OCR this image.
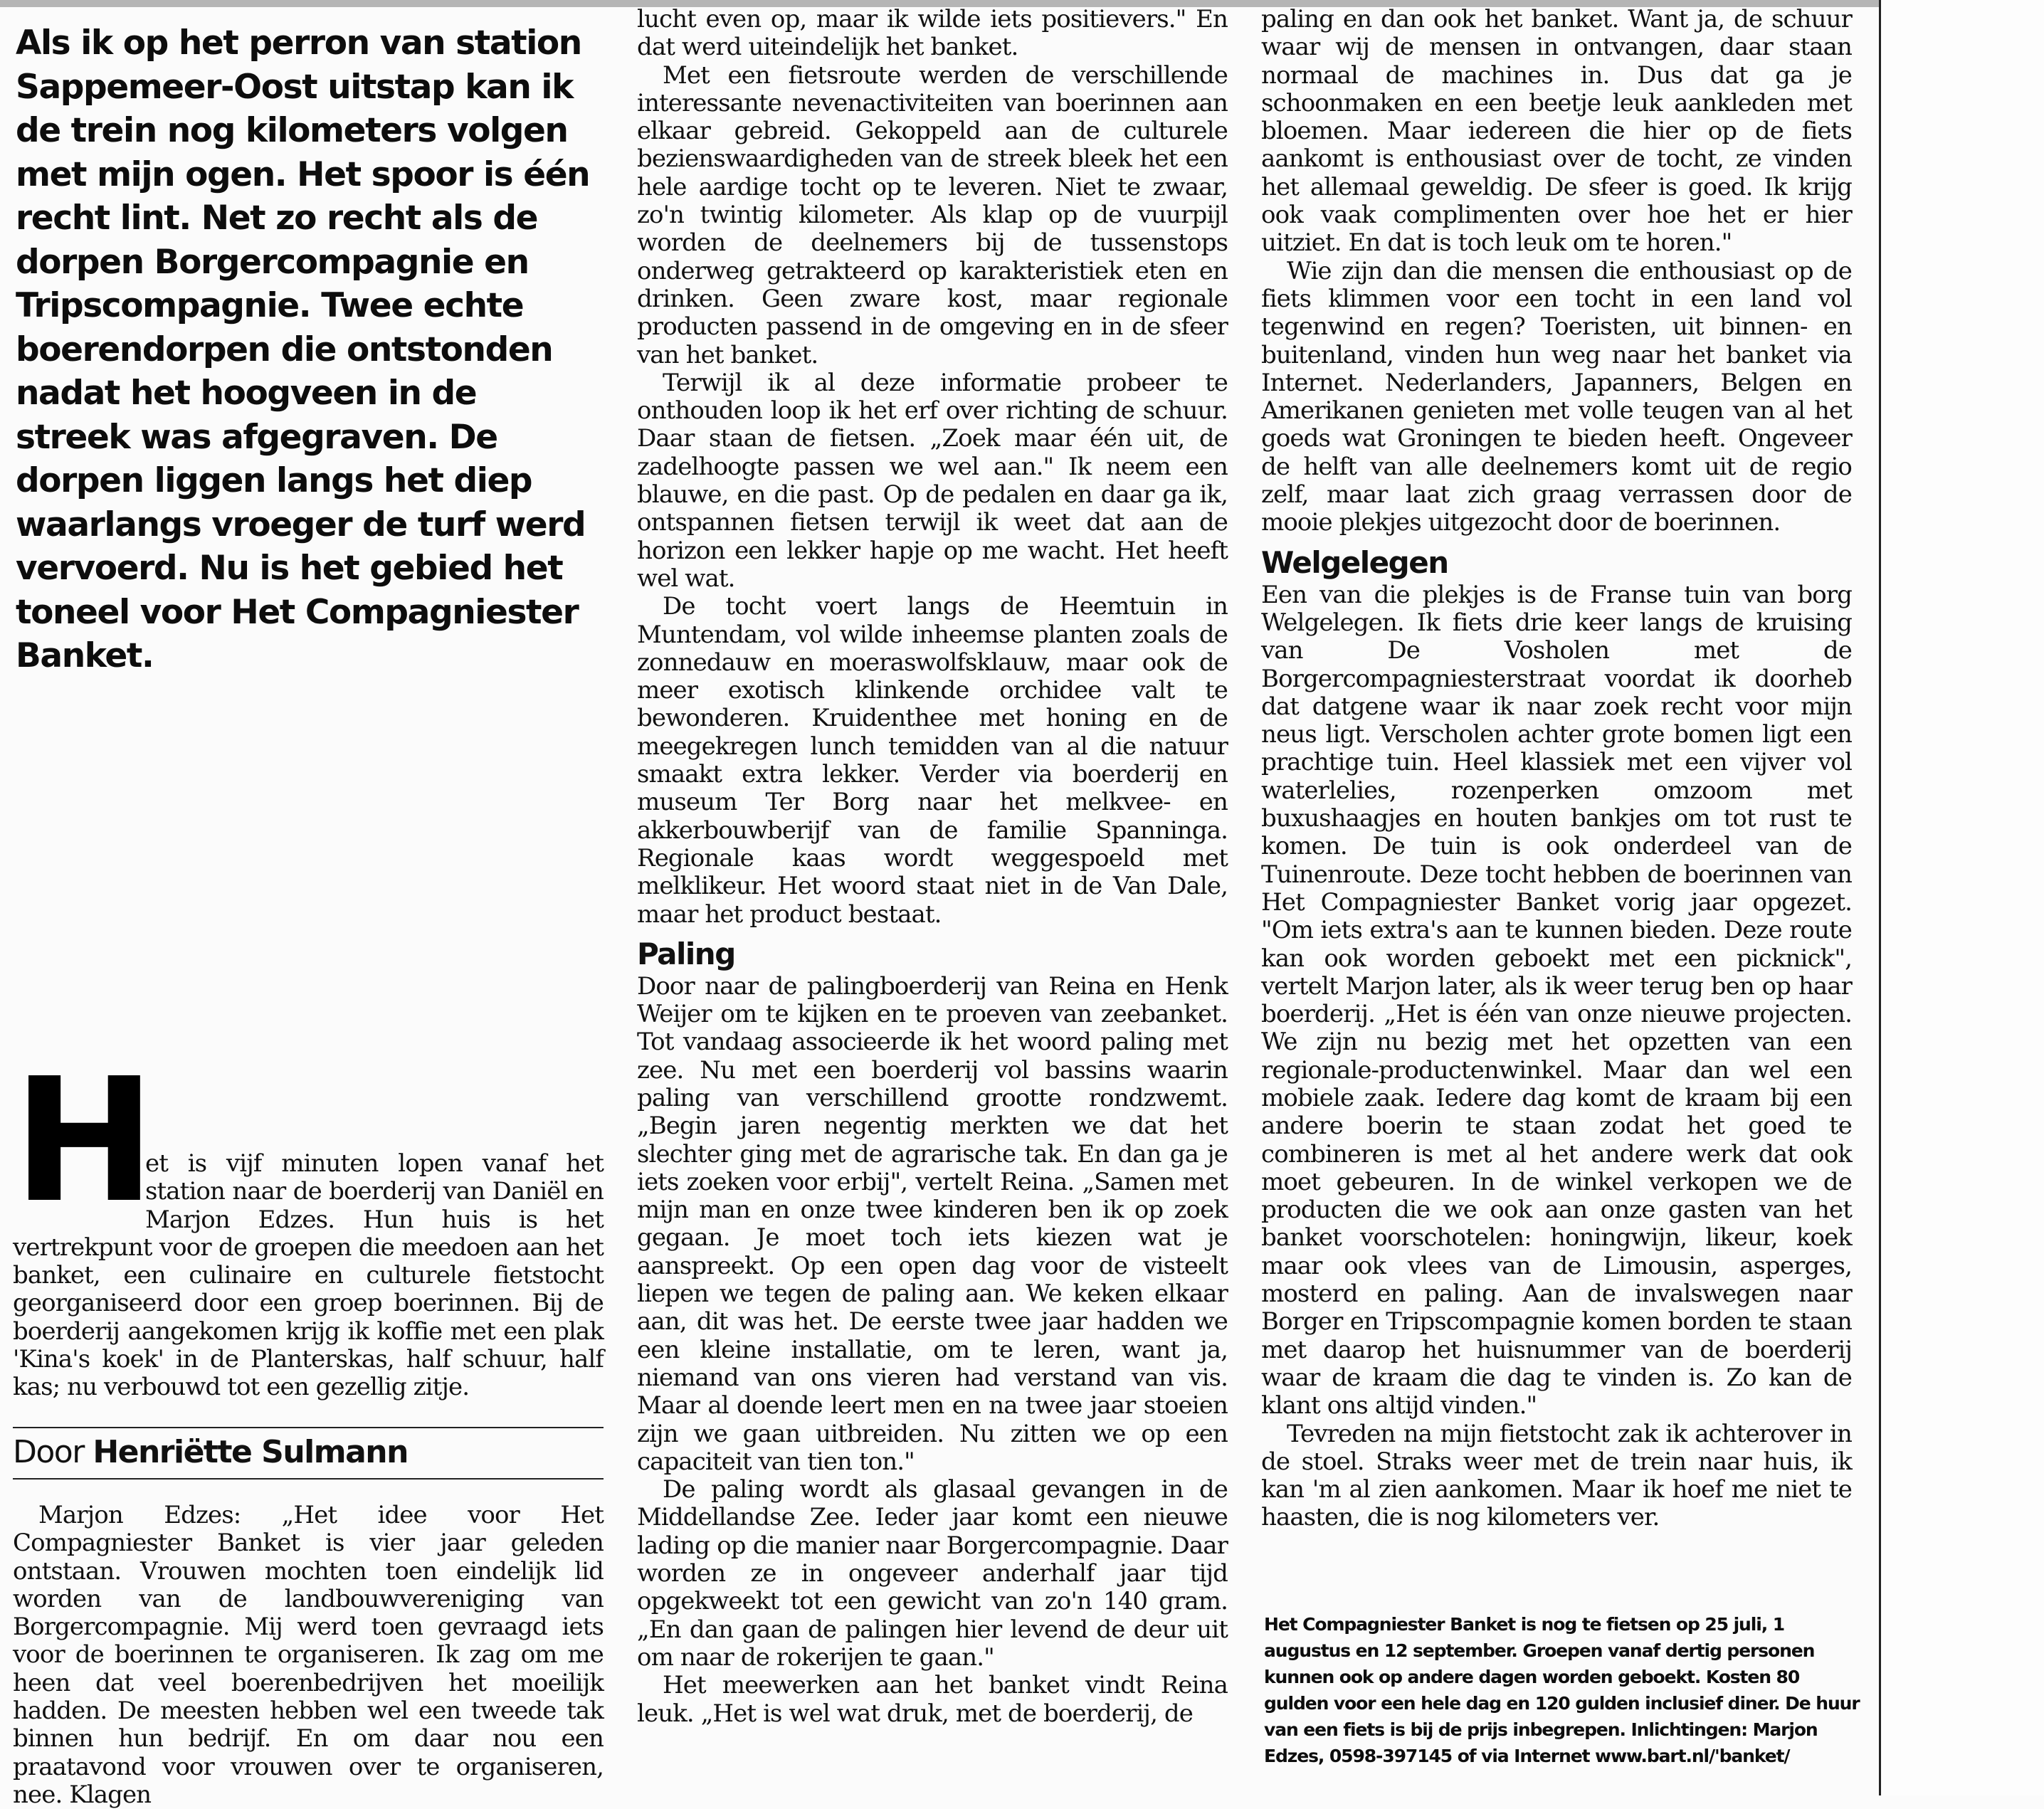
Als ik op het perron van station Sappemeer-Oost uitstap kan ik de trein nog kilometers volgen met mijn ogen. Het spoor is één recht lint. Net zo recht als de dorpen Borgercompagnie en Tripscompagnie. Twee echte boerendorpen die ontstonden nadat het hoogveen in de streek was afgegraven. De dorpen liggen langs het diep waarlangs vroeger de turf werd vervoerd. Nu is het gebied het toneel voor Het Compagniester Banket.
H

et is vijf minuten lopen vanaf het station naar de boerderij van Daniël en Marjon Edzes. Hun huis is het vertrekpunt voor de groepen die meedoen aan het banket, een culinaire en culturele fietstocht georganiseerd door een groep boerinnen. Bij de boerderij aangekomen krijg ik koffie met een plak 'Kina's koek' in de Planterskas, half schuur, half kas; nu verbouwd tot een gezellig zitje.

Door Henriëtte Sulmann

Marjon Edzes: „Het idee voor Het Compagniester Banket is vier jaar geleden ontstaan. Vrouwen mochten toen eindelijk lid worden van de landbouwvereniging van Borgercompagnie. Mij werd toen gevraagd iets voor de boerinnen te organiseren. Ik zag om me heen dat veel boerenbedrijven het moeilijk hadden. De meesten hebben wel een tweede tak binnen hun bedrijf. En om daar nou een praatavond voor vrouwen over te organiseren, nee. Klagen

lucht even op, maar ik wilde iets positievers." En dat werd uiteindelijk het banket.

Met een fietsroute werden de verschillende interessante nevenactiviteiten van boerinnen aan elkaar gebreid. Gekoppeld aan de culturele bezienswaardigheden van de streek bleek het een hele aardige tocht op te leveren. Niet te zwaar, zo'n twintig kilometer. Als klap op de vuurpijl worden de deelnemers bij de tussenstops onderweg getrakteerd op karakteristiek eten en drinken. Geen zware kost, maar regionale producten passend in de omgeving en in de sfeer van het banket.

Terwijl ik al deze informatie probeer te onthouden loop ik het erf over richting de schuur. Daar staan de fietsen. „Zoek maar één uit, de zadelhoogte passen we wel aan." Ik neem een blauwe, en die past. Op de pedalen en daar ga ik, ontspannen fietsen terwijl ik weet dat aan de horizon een lekker hapje op me wacht. Het heeft wel wat.

De tocht voert langs de Heemtuin in Muntendam, vol wilde inheemse planten zoals de zonnedauw en moeraswolfsklauw, maar ook de meer exotisch klinkende orchidee valt te bewonderen. Kruidenthee met honing en de meegekregen lunch temidden van al die natuur smaakt extra lekker. Verder via boerderij en museum Ter Borg naar het melkvee- en akkerbouwberijf van de familie Spanninga. Regionale kaas wordt weggespoeld met melklikeur. Het woord staat niet in de Van Dale, maar het product bestaat.

Paling

Door naar de palingboerderij van Reina en Henk Weijer om te kijken en te proeven van zeebanket. Tot vandaag associeerde ik het woord paling met zee. Nu met een boerderij vol bassins waarin paling van verschillend grootte rondzwemt. „Begin jaren negentig merkten we dat het slechter ging met de agrarische tak. En dan ga je iets zoeken voor erbij", vertelt Reina. „Samen met mijn man en onze twee kinderen ben ik op zoek gegaan. Je moet toch iets kiezen wat je aanspreekt. Op een open dag voor de visteelt liepen we tegen de paling aan. We keken elkaar aan, dit was het. De eerste twee jaar hadden we een kleine installatie, om te leren, want ja, niemand van ons vieren had verstand van vis. Maar al doende leert men en na twee jaar stoeien zijn we gaan uitbreiden. Nu zitten we op een capaciteit van tien ton."

De paling wordt als glasaal gevangen in de Middellandse Zee. Ieder jaar komt een nieuwe lading op die manier naar Borgercompagnie. Daar worden ze in ongeveer anderhalf jaar tijd opgekweekt tot een gewicht van zo'n 140 gram. „En dan gaan de palingen hier levend de deur uit om naar de rokerijen te gaan."

Het meewerken aan het banket vindt Reina leuk. „Het is wel wat druk, met de boerderij, de

paling en dan ook het banket. Want ja, de schuur waar wij de mensen in ontvangen, daar staan normaal de machines in. Dus dat ga je schoonmaken en een beetje leuk aankleden met bloemen. Maar iedereen die hier op de fiets aankomt is enthousiast over de tocht, ze vinden het allemaal geweldig. De sfeer is goed. Ik krijg ook vaak complimenten over hoe het er hier uitziet. En dat is toch leuk om te horen."

Wie zijn dan die mensen die enthousiast op de fiets klimmen voor een tocht in een land vol tegenwind en regen? Toeristen, uit binnen- en buitenland, vinden hun weg naar het banket via Internet. Nederlanders, Japanners, Belgen en Amerikanen genieten met volle teugen van al het goeds wat Groningen te bieden heeft. Ongeveer de helft van alle deelnemers komt uit de regio zelf, maar laat zich graag verrassen door de mooie plekjes uitgezocht door de boerinnen.

Welgelegen

Een van die plekjes is de Franse tuin van borg Welgelegen. Ik fiets drie keer langs de kruising van De Vosholen met de Borgercompagniesterstraat voordat ik doorheb dat datgene waar ik naar zoek recht voor mijn neus ligt. Verscholen achter grote bomen ligt een prachtige tuin. Heel klassiek met een vijver vol waterlelies, rozenperken omzoom met buxushaagjes en houten bankjes om tot rust te komen. De tuin is ook onderdeel van de Tuinenroute. Deze tocht hebben de boerinnen van Het Compagniester Banket vorig jaar opgezet. "Om iets extra's aan te kunnen bieden. Deze route kan ook worden geboekt met een picknick", vertelt Marjon later, als ik weer terug ben op haar boerderij. „Het is één van onze nieuwe projecten. We zijn nu bezig met het opzetten van een regionale-productenwinkel. Maar dan wel een mobiele zaak. Iedere dag komt de kraam bij een andere boerin te staan zodat het goed te combineren is met al het andere werk dat ook moet gebeuren. In de winkel verkopen we de producten die we ook aan onze gasten van het banket voorschotelen: honingwijn, likeur, koek maar ook vlees van de Limousin, asperges, mosterd en paling. Aan de invalswegen naar Borger en Tripscompagnie komen borden te staan met daarop het huisnummer van de boerderij waar de kraam die dag te vinden is. Zo kan de klant ons altijd vinden."

Tevreden na mijn fietstocht zak ik achterover in de stoel. Straks weer met de trein naar huis, ik kan 'm al zien aankomen. Maar ik hoef me niet te haasten, die is nog kilometers ver.

Het Compagniester Banket is nog te fietsen op 25 juli, 1 augustus en 12 september. Groepen vanaf dertig personen kunnen ook op andere dagen worden geboekt. Kosten 80 gulden voor een hele dag en 120 gulden inclusief diner. De huur van een fiets is bij de prijs inbegrepen. Inlichtingen: Marjon Edzes, 0598-397145 of via Internet www.bart.nl/'banket/
